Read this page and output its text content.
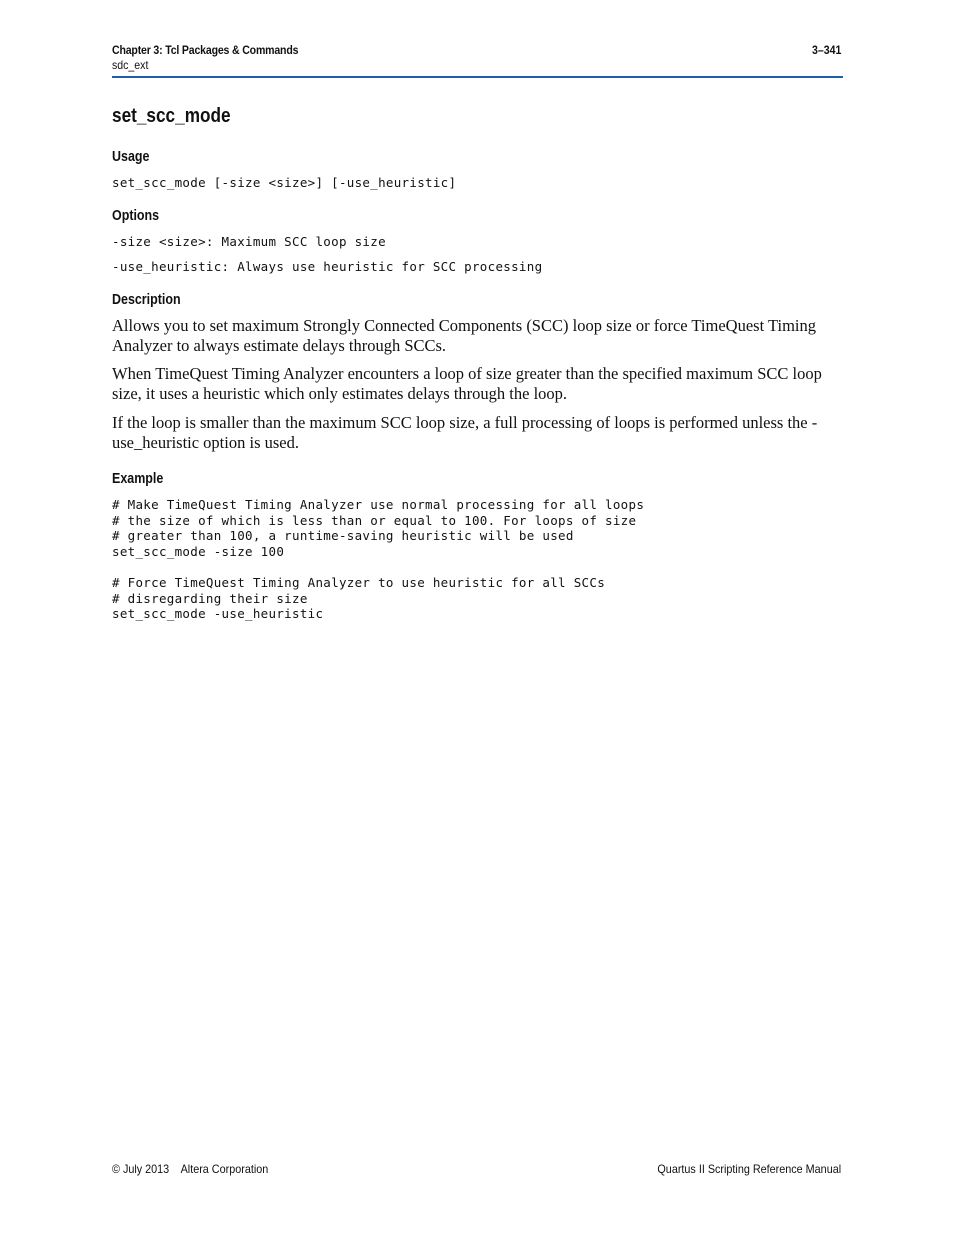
Chapter 3: Tcl Packages & Commands
sdc_ext
3–341
set_scc_mode
Usage
set_scc_mode [-size <size>] [-use_heuristic]
Options
-size <size>: Maximum SCC loop size
-use_heuristic: Always use heuristic for SCC processing
Description

Allows you to set maximum Strongly Connected Components (SCC) loop size or force TimeQuest Timing Analyzer to always estimate delays through SCCs.

When TimeQuest Timing Analyzer encounters a loop of size greater than the specified maximum SCC loop size, it uses a heuristic which only estimates delays through the loop.

If the loop is smaller than the maximum SCC loop size, a full processing of loops is performed unless the -use_heuristic option is used.

Example
# Make TimeQuest Timing Analyzer use normal processing for all loops
# the size of which is less than or equal to 100. For loops of size
# greater than 100, a runtime-saving heuristic will be used
set_scc_mode -size 100

# Force TimeQuest Timing Analyzer to use heuristic for all SCCs
# disregarding their size
set_scc_mode -use_heuristic
© July 2013    Altera Corporation	Quartus II Scripting Reference Manual
